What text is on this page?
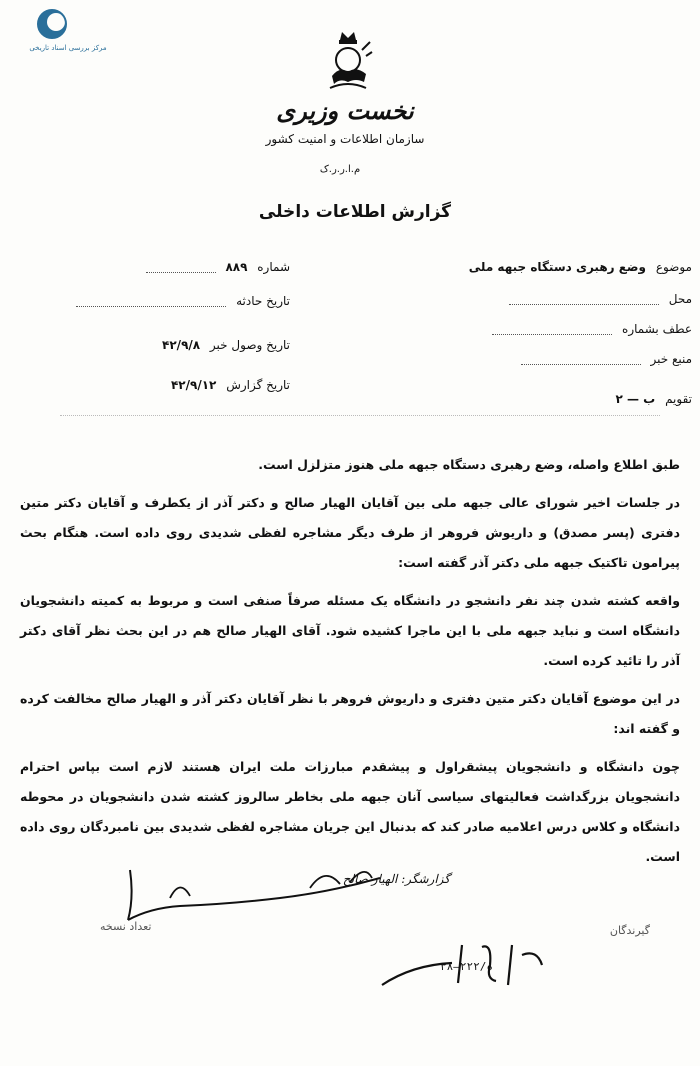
مرکز بررسی اسناد تاریخی
نخست وزیری
سازمان اطلاعات و امنیت کشور
م.ا.ر.ر.ک
گزارش اطلاعات داخلی
موضوع وضع رهبری دستگاه جبهه ملی
محل
عطف بشماره
منبع خبر
تقویم ب — ۲
شماره ۸۸۹
تاریخ حادثه
تاریخ وصول خبر ۴۲/۹/۸
تاریخ گزارش ۴۲/۹/۱۲

طبق اطلاع واصله، وضع رهبری دستگاه جبهه ملی هنوز متزلزل است.

در جلسات اخیر شورای عالی جبهه ملی بین آقایان الهیار صالح و دکتر آذر از یکطرف و آقایان دکتر متین دفتری (پسر مصدق) و داریوش فروهر از طرف دیگر مشاجره لفظی شدیدی روی داده است. هنگام بحث پیرامون تاکتیک جبهه ملی دکتر آذر گفته است:

واقعه کشته شدن چند نفر دانشجو در دانشگاه یک مسئله صرفاً صنفی است و مربوط به کمیته دانشجویان دانشگاه است و نباید جبهه ملی با این ماجرا کشیده شود. آقای الهیار صالح هم در این بحث نظر آقای دکتر آذر را تائید کرده است.

در این موضوع آقایان دکتر متین دفتری و داریوش فروهر با نظر آقایان دکتر آذر و الهیار صالح مخالفت کرده و گفته اند:

چون دانشگاه و دانشجویان پیشقراول و پیشقدم مبارزات ملت ایران هستند لازم است بپاس احترام دانشجویان بزرگداشت فعالیتهای سیاسی آنان جبهه ملی بخاطر سالروز کشته شدن دانشجویان در محوطه دانشگاه و کلاس درس اعلامیه صادر کند که بدنبال این جریان مشاجره لفظی شدیدی بین نامبردگان روی داده است.

گزارشگر: الهیار صالح
تعداد نسخه	گیرندگان
۳۸–۲۲۲/ه
